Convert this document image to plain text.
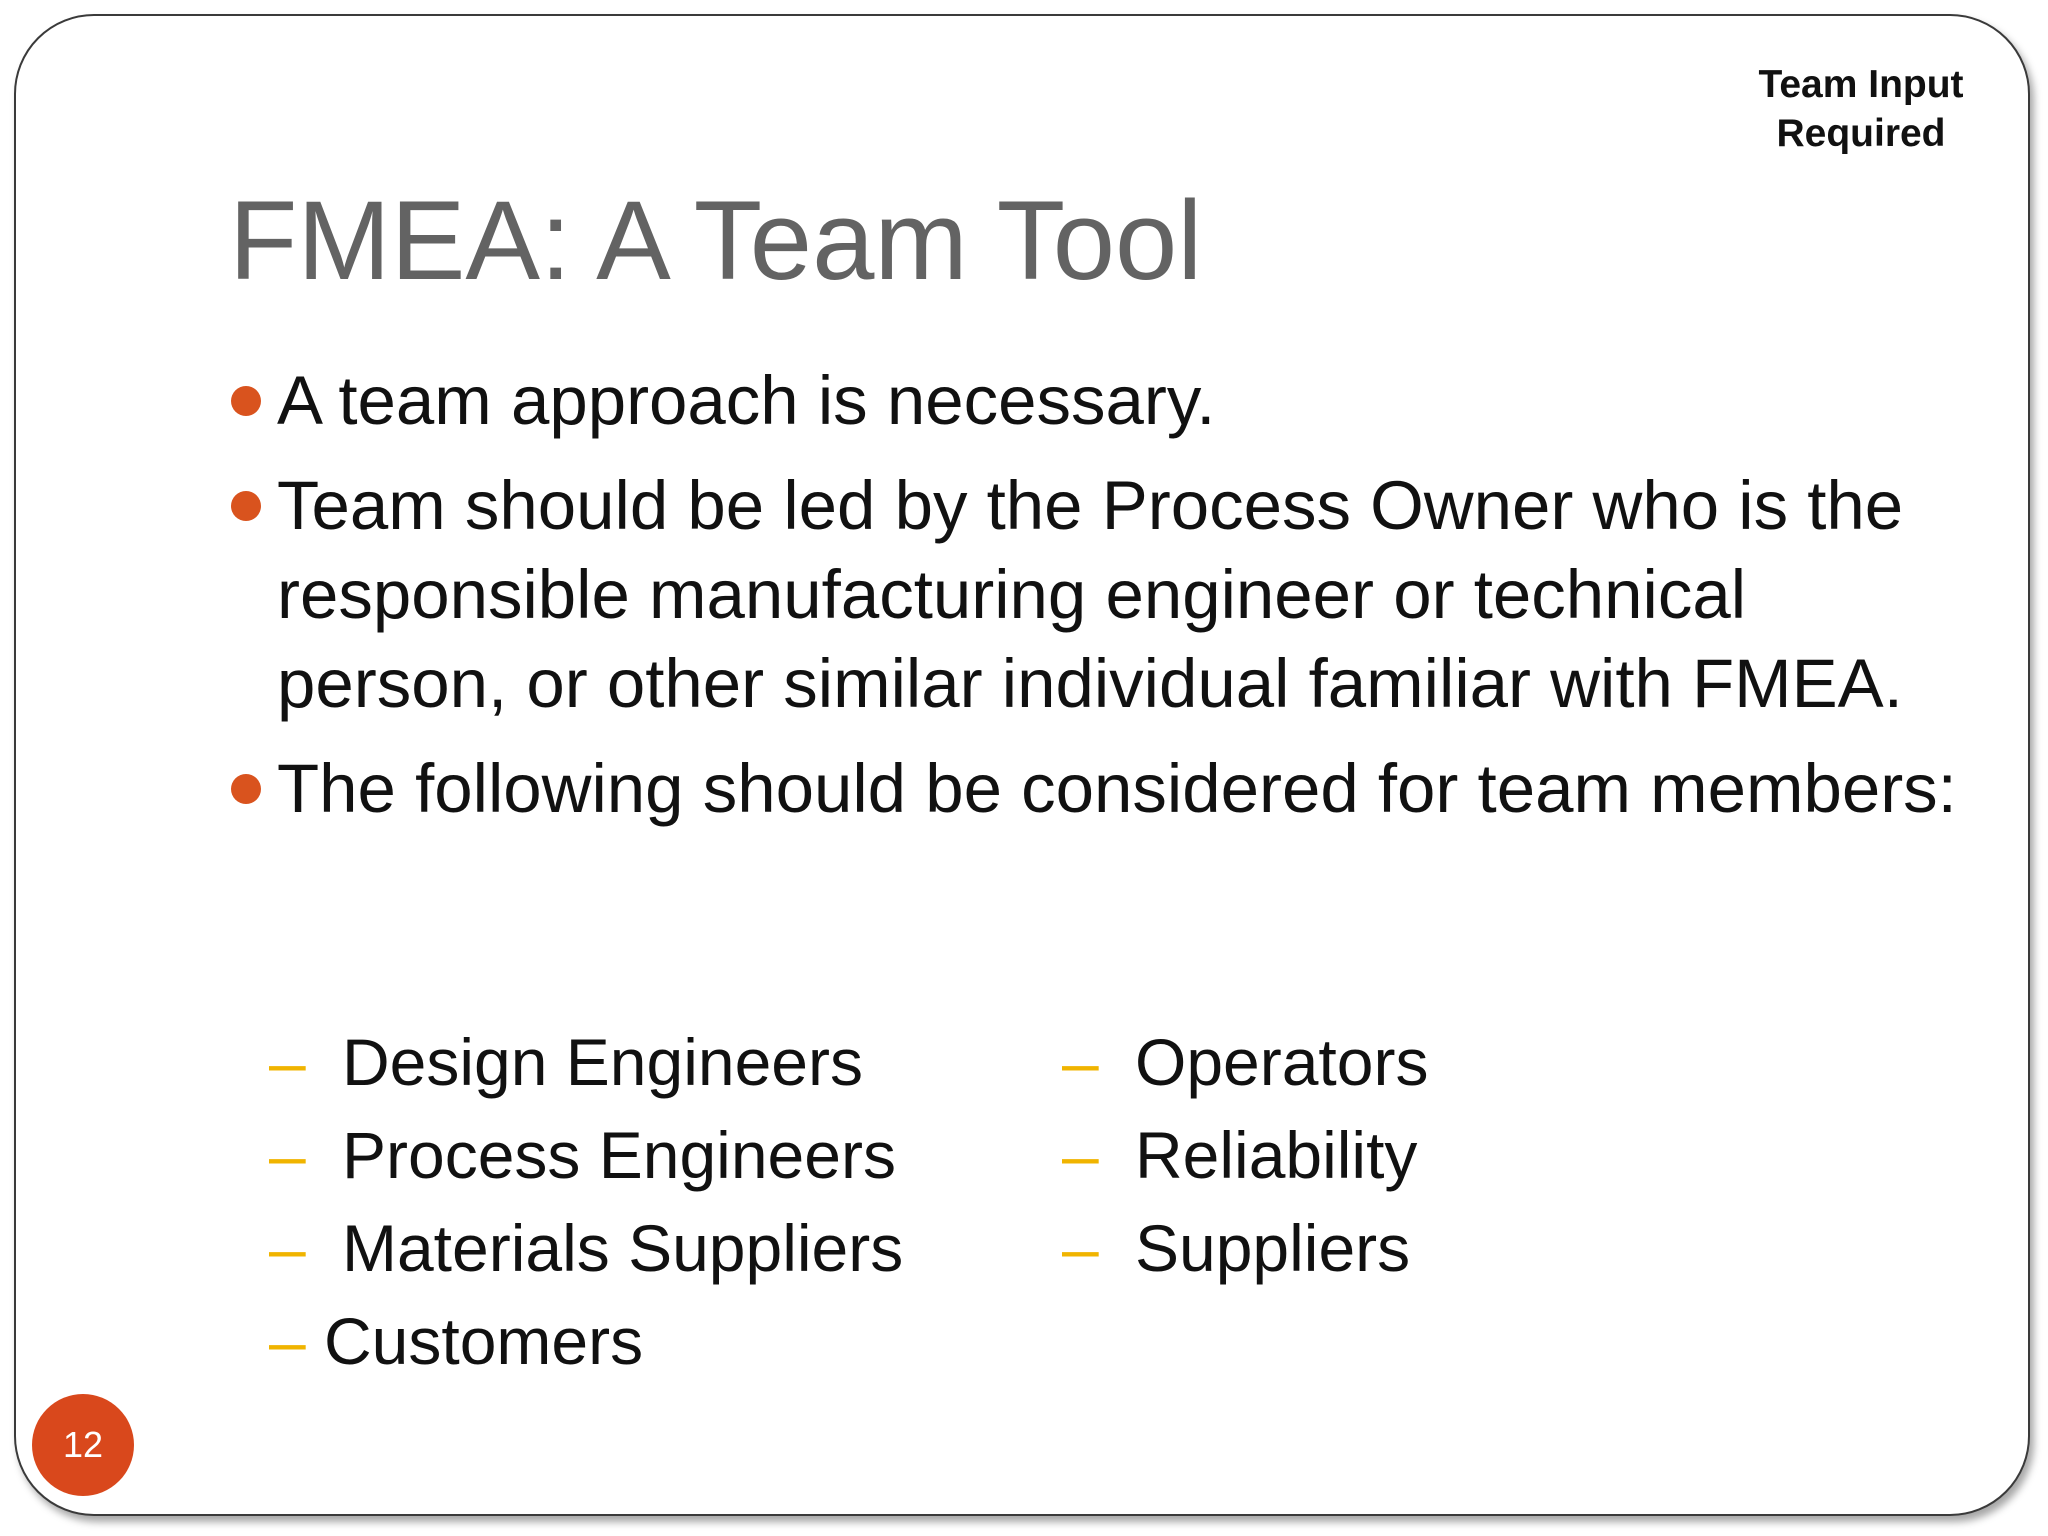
Team Input
Required
FMEA: A Team Tool
A team approach is necessary.
Team should be led by the Process Owner who is the responsible manufacturing engineer or technical person, or other similar individual familiar with FMEA.
The following should be considered for team members:
– Design Engineers
– Process Engineers
– Materials Suppliers
– Customers
– Operators
– Reliability
– Suppliers
12
